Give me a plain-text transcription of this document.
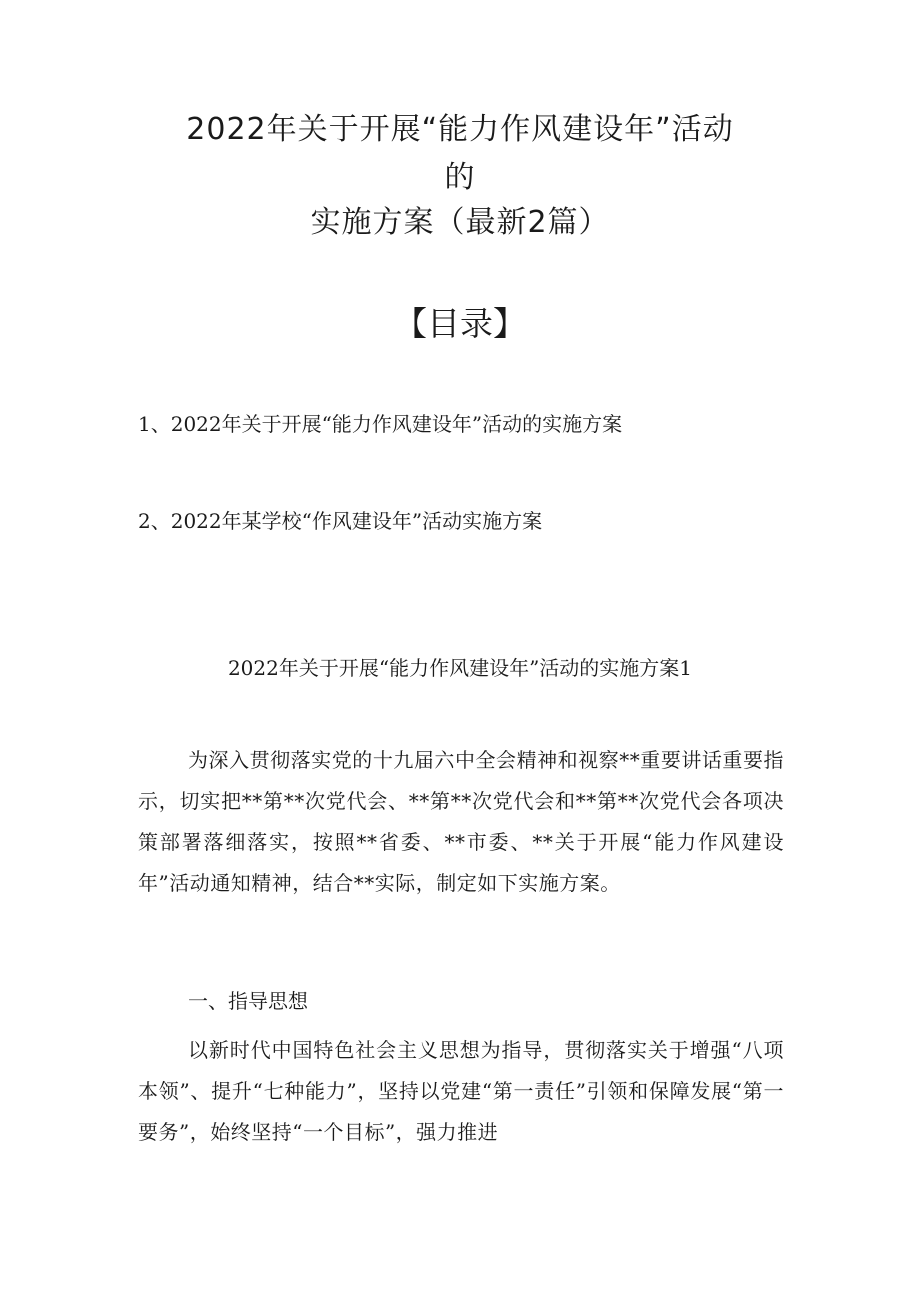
2022年关于开展“能力作风建设年”活动
的
实施方案（最新2篇）
【目录】
1、2022年关于开展“能力作风建设年”活动的实施方案
2、2022年某学校“作风建设年”活动实施方案
2022年关于开展“能力作风建设年”活动的实施方案1

为深入贯彻落实党的十九届六中全会精神和视察**重要讲话重要指示，切实把**第**次党代会、**第**次党代会和**第**次党代会各项决策部署落细落实，按照**省委、**市委、**关于开展“能力作风建设年”活动通知精神，结合**实际，制定如下实施方案。

一、指导思想

以新时代中国特色社会主义思想为指导，贯彻落实关于增强“八项本领”、提升“七种能力”，坚持以党建“第一责任”引领和保障发展“第一要务”，始终坚持“一个目标”，强力推进
